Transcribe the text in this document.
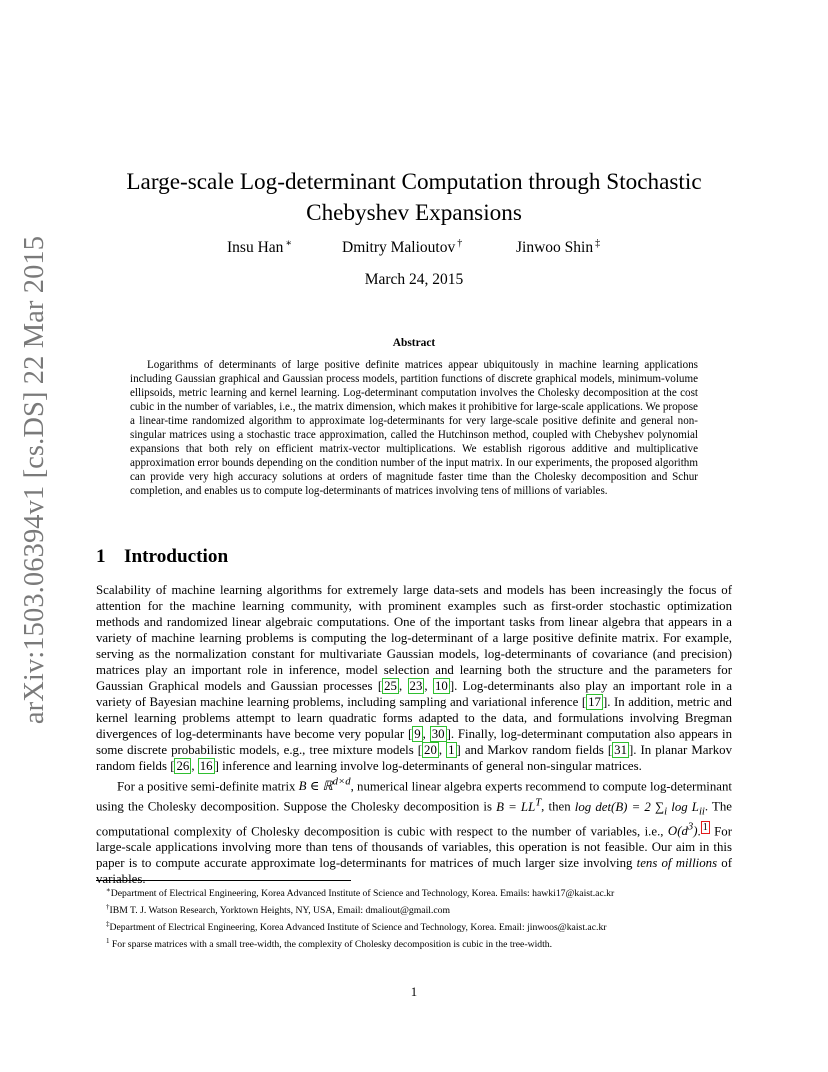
arXiv:1503.06394v1 [cs.DS] 22 Mar 2015
Large-scale Log-determinant Computation through Stochastic Chebyshev Expansions
Insu Han ∗	Dmitry Malioutov †	Jinwoo Shin ‡
March 24, 2015
Abstract
Logarithms of determinants of large positive definite matrices appear ubiquitously in machine learning applications including Gaussian graphical and Gaussian process models, partition functions of discrete graphical models, minimum-volume ellipsoids, metric learning and kernel learning. Log-determinant computation involves the Cholesky decomposition at the cost cubic in the number of variables, i.e., the matrix dimension, which makes it prohibitive for large-scale applications. We propose a linear-time randomized algorithm to approximate log-determinants for very large-scale positive definite and general non-singular matrices using a stochastic trace approximation, called the Hutchinson method, coupled with Chebyshev polynomial expansions that both rely on efficient matrix-vector multiplications. We establish rigorous additive and multiplicative approximation error bounds depending on the condition number of the input matrix. In our experiments, the proposed algorithm can provide very high accuracy solutions at orders of magnitude faster time than the Cholesky decomposition and Schur completion, and enables us to compute log-determinants of matrices involving tens of millions of variables.
1 Introduction

Scalability of machine learning algorithms for extremely large data-sets and models has been increasingly the focus of attention for the machine learning community, with prominent examples such as first-order stochastic optimization methods and randomized linear algebraic computations. One of the important tasks from linear algebra that appears in a variety of machine learning problems is computing the log-determinant of a large positive definite matrix. For example, serving as the normalization constant for multivariate Gaussian models, log-determinants of covariance (and precision) matrices play an important role in inference, model selection and learning both the structure and the parameters for Gaussian Graphical models and Gaussian processes [ 25 , 23 , 10 ]. Log-determinants also play an important role in a variety of Bayesian machine learning problems, including sampling and variational inference [ 17 ]. In addition, metric and kernel learning problems attempt to learn quadratic forms adapted to the data, and formulations involving Bregman divergences of log-determinants have become very popular [ 9 , 30 ]. Finally, log-determinant computation also appears in some discrete probabilistic models, e.g., tree mixture models [ 20 , 1 ] and Markov random fields [ 31 ]. In planar Markov random fields [ 26 , 16 ] inference and learning involve log-determinants of general non-singular matrices.

For a positive semi-definite matrix B ∈ ℝ$^{d\times d}$, numerical linear algebra experts recommend to compute log-determinant using the Cholesky decomposition. Suppose the Cholesky decomposition is $B = LL^T$, then log det(B) = 2 $\sum_i$ $\log L_{ii}$. The computational complexity of Cholesky decomposition is cubic with respect to the number of variables, i.e., $O(d^3)$. $^1$ For large-scale applications involving more than tens of thousands of variables, this operation is not feasible. Our aim in this paper is to compute accurate approximate log-determinants for matrices of much larger size involving tens of millions of variables.

∗Department of Electrical Engineering, Korea Advanced Institute of Science and Technology, Korea. Emails: hawki17@kaist.ac.kr
†IBM T. J. Watson Research, Yorktown Heights, NY, USA, Email: dmaliout@gmail.com
‡Department of Electrical Engineering, Korea Advanced Institute of Science and Technology, Korea. Email: jinwoos@kaist.ac.kr
$^1$ For sparse matrices with a small tree-width, the complexity of Cholesky decomposition is cubic in the tree-width.
1
